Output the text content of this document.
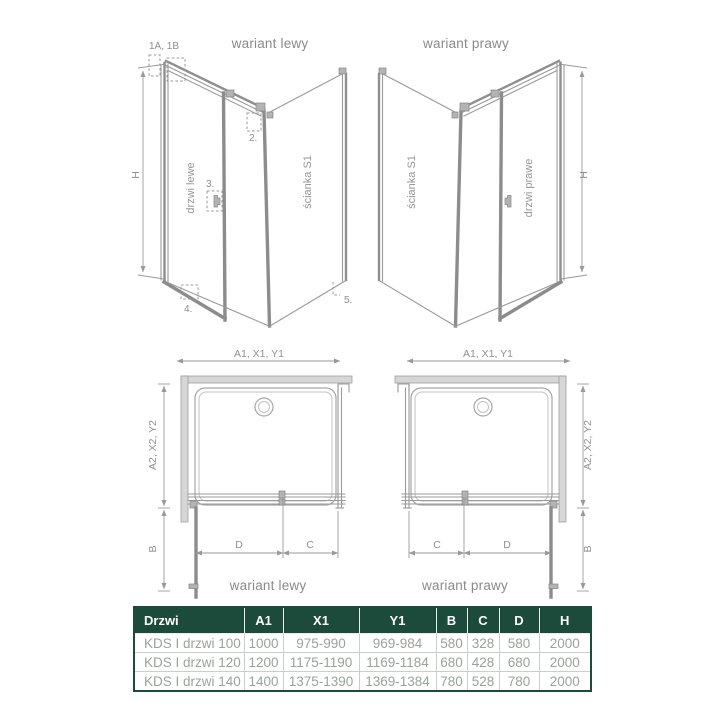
wariant lewy	wariant prawy
H
1A, 1B
2.
3.
4.
5.
drzwi lewe	ścianka S1	H
drzwi prawe
ścianka S1
A1, X1, Y1
A2, X2, Y2
B	D	C
wariant lewy
A1, X1, Y1
A2, X2, Y2
B
C	D
wariant prawy
Drzwi	A1	X1	Y1	B	C	D	H
KDS I drzwi 100	1000	975-990	969-984	580	328	580	2000
KDS I drzwi 120	1200	1175-1190	1169-1184	680	428	680	2000
KDS I drzwi 140	1400	1375-1390	1369-1384	780	528	780	2000
